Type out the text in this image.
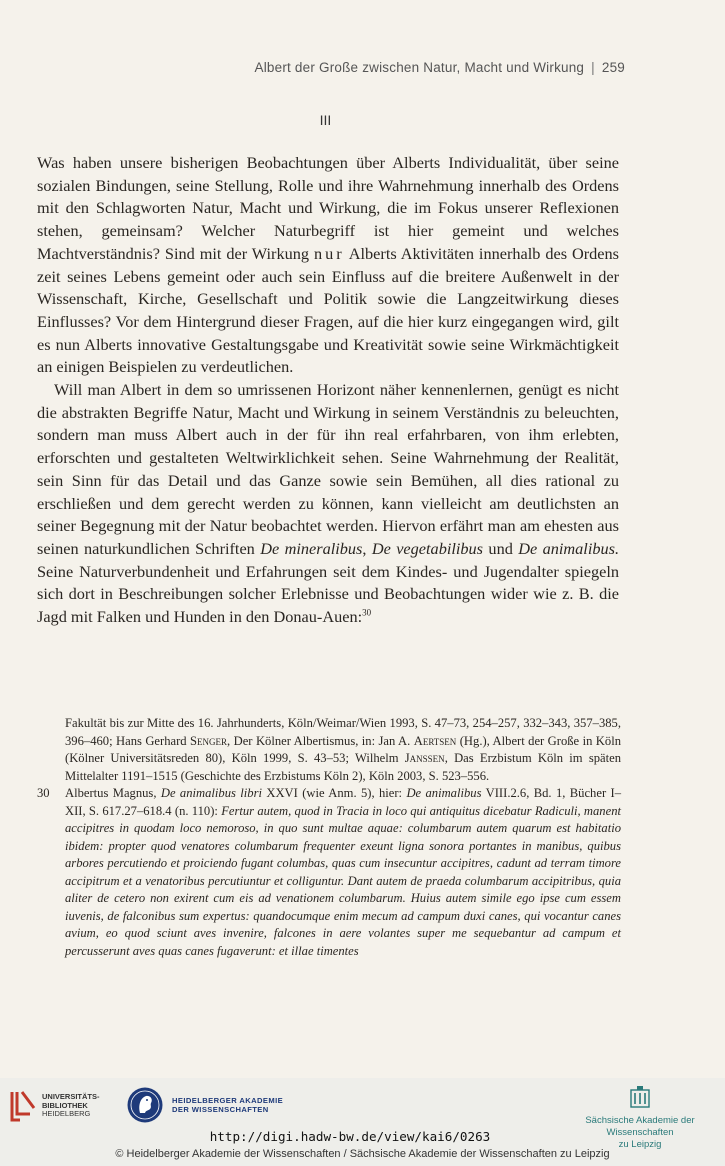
Albert der Große zwischen Natur, Macht und Wirkung | 259
III

Was haben unsere bisherigen Beobachtungen über Alberts Individualität, über seine sozialen Bindungen, seine Stellung, Rolle und ihre Wahrnehmung innerhalb des Ordens mit den Schlagworten Natur, Macht und Wirkung, die im Fokus unserer Reflexionen stehen, gemeinsam? Welcher Naturbegriff ist hier gemeint und welches Machtverständnis? Sind mit der Wirkung nur Alberts Aktivitäten innerhalb des Ordens zeit seines Lebens gemeint oder auch sein Einfluss auf die breitere Außenwelt in der Wissenschaft, Kirche, Gesellschaft und Politik sowie die Langzeitwirkung dieses Einflusses? Vor dem Hintergrund dieser Fragen, auf die hier kurz eingegangen wird, gilt es nun Alberts innovative Gestaltungsgabe und Kreativität sowie seine Wirkmächtigkeit an einigen Beispielen zu verdeutlichen.

Will man Albert in dem so umrissenen Horizont näher kennenlernen, genügt es nicht die abstrakten Begriffe Natur, Macht und Wirkung in seinem Verständnis zu beleuchten, sondern man muss Albert auch in der für ihn real erfahrbaren, von ihm erlebten, erforschten und gestalteten Weltwirklichkeit sehen. Seine Wahrnehmung der Realität, sein Sinn für das Detail und das Ganze sowie sein Bemühen, all dies rational zu erschließen und dem gerecht werden zu können, kann vielleicht am deutlichsten an seiner Begegnung mit der Natur beobachtet werden. Hiervon erfährt man am ehesten aus seinen naturkundlichen Schriften De mineralibus, De vegetabilibus und De animalibus. Seine Naturverbundenheit und Erfahrungen seit dem Kindes- und Jugendalter spiegeln sich dort in Beschreibungen solcher Erlebnisse und Beobachtungen wider wie z. B. die Jagd mit Falken und Hunden in den Donau-Auen:$^{30}$

Fakultät bis zur Mitte des 16. Jahrhunderts, Köln/Weimar/Wien 1993, S. 47–73, 254–257, 332–343, 357–385, 396–460; Hans Gerhard Senger, Der Kölner Albertismus, in: Jan A. Aertsen (Hg.), Albert der Große in Köln (Kölner Universitätsreden 80), Köln 1999, S. 43–53; Wilhelm Janssen, Das Erzbistum Köln im späten Mittelalter 1191–1515 (Geschichte des Erzbistums Köln 2), Köln 2003, S. 523–556.
30 Albertus Magnus, De animalibus libri XXVI (wie Anm. 5), hier: De animalibus VIII.2.6, Bd. 1, Bücher I–XII, S. 617.27–618.4 (n. 110): Fertur autem, quod in Tracia in loco qui antiquitus dicebatur Radiculi, manent accipitres in quodam loco nemoroso, in quo sunt multae aquae: columbarum autem quarum est habitatio ibidem: propter quod venatores columbarum frequenter exeunt ligna sonora portantes in manibus, quibus arbores percutiendo et proiciendo fugant columbas, quas cum insecuntur accipitres, cadunt ad terram timore accipitrum et a venatoribus percutiuntur et colliguntur. Dant autem de praeda columbarum accipitribus, quia aliter de cetero non exirent cum eis ad venationem columbarum. Huius autem simile ego ipse cum essem iuvenis, de falconibus sum expertus: quandocumque enim mecum ad campum duxi canes, qui vocantur canes avium, eo quod sciunt aves invenire, falcones in aere volantes super me sequebantur ad campum et percusserunt aves quas canes fugaverunt: et illae timentes
UNIVERSITÄTS-
BIBLIOTHEK
HEIDELBERG
HEIDELBERGER AKADEMIE
DER WISSENSCHAFTEN
Sächsische Akademie der Wissenschaften
zu Leipzig
http://digi.hadw-bw.de/view/kai6/0263
© Heidelberger Akademie der Wissenschaften / Sächsische Akademie der Wissenschaften zu Leipzig
